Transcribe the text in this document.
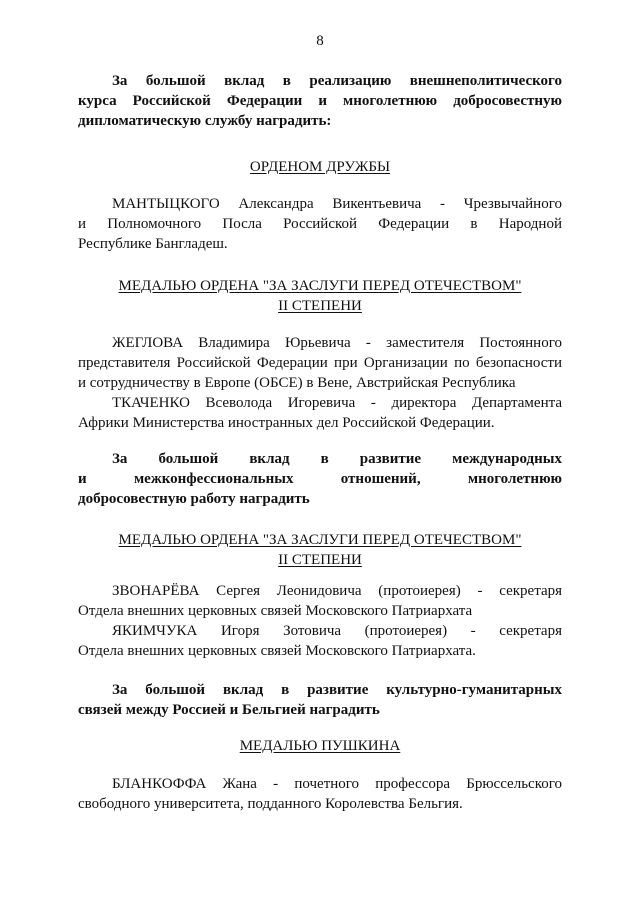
8
За большой вклад в реализацию внешнеполитического
курса Российской Федерации и многолетнюю добросовестную
дипломатическую службу наградить:
ОРДЕНОМ ДРУЖБЫ
МАНТЫЦКОГО Александра Викентьевича - Чрезвычайного
и Полномочного Посла Российской Федерации в Народной
Республике Бангладеш.
МЕДАЛЬЮ ОРДЕНА "ЗА ЗАСЛУГИ ПЕРЕД ОТЕЧЕСТВОМ"
II СТЕПЕНИ
ЖЕГЛОВА Владимира Юрьевича - заместителя Постоянного
представителя Российской Федерации при Организации по безопасности
и сотрудничеству в Европе (ОБСЕ) в Вене, Австрийская Республика
ТКАЧЕНКО Всеволода Игоревича - директора Департамента
Африки Министерства иностранных дел Российской Федерации.
За большой вклад в развитие международных
и межконфессиональных отношений, многолетнюю
добросовестную работу наградить
МЕДАЛЬЮ ОРДЕНА "ЗА ЗАСЛУГИ ПЕРЕД ОТЕЧЕСТВОМ"
II СТЕПЕНИ
ЗВОНАРЁВА Сергея Леонидовича (протоиерея) - секретаря
Отдела внешних церковных связей Московского Патриархата
ЯКИМЧУКА Игоря Зотовича (протоиерея) - секретаря
Отдела внешних церковных связей Московского Патриархата.
За большой вклад в развитие культурно-гуманитарных
связей между Россией и Бельгией наградить
МЕДАЛЬЮ ПУШКИНА
БЛАНКОФФА Жана - почетного профессора Брюссельского
свободного университета, подданного Королевства Бельгия.
